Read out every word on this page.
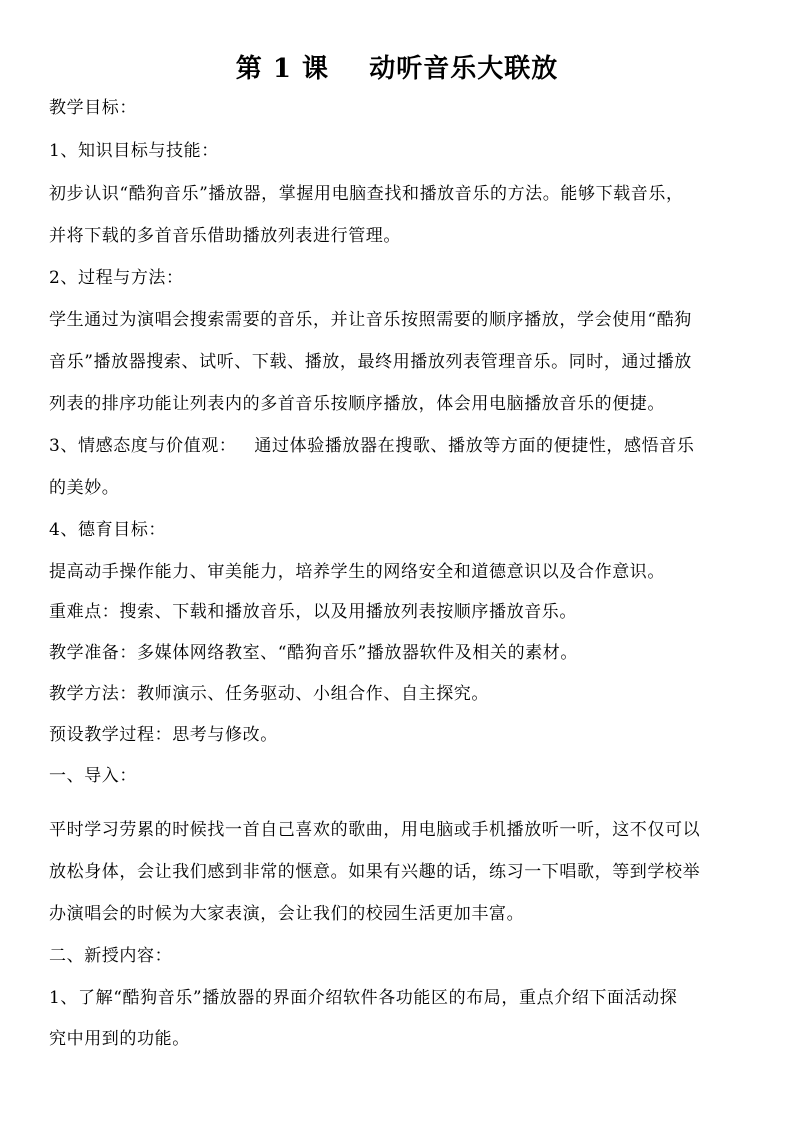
第 1 课    动听音乐大联放
教学目标：
1、知识目标与技能：
初步认识“酷狗音乐”播放器，掌握用电脑查找和播放音乐的方法。能够下载音乐，
并将下载的多首音乐借助播放列表进行管理。
2、过程与方法：
学生通过为演唱会搜索需要的音乐，并让音乐按照需要的顺序播放，学会使用“酷狗
音乐”播放器搜索、试听、下载、播放，最终用播放列表管理音乐。同时，通过播放
列表的排序功能让列表内的多首音乐按顺序播放，体会用电脑播放音乐的便捷。
3、情感态度与价值观：   通过体验播放器在搜歌、播放等方面的便捷性，感悟音乐
的美妙。
4、德育目标：
提高动手操作能力、审美能力，培养学生的网络安全和道德意识以及合作意识。
重难点：搜索、下载和播放音乐，以及用播放列表按顺序播放音乐。
教学准备：多媒体网络教室、“酷狗音乐”播放器软件及相关的素材。
教学方法：教师演示、任务驱动、小组合作、自主探究。
预设教学过程：思考与修改。
一、导入：
平时学习劳累的时候找一首自己喜欢的歌曲，用电脑或手机播放听一听，这不仅可以
放松身体，会让我们感到非常的惬意。如果有兴趣的话，练习一下唱歌，等到学校举
办演唱会的时候为大家表演，会让我们的校园生活更加丰富。
二、新授内容：
1、了解“酷狗音乐”播放器的界面介绍软件各功能区的布局，重点介绍下面活动探
究中用到的功能。
